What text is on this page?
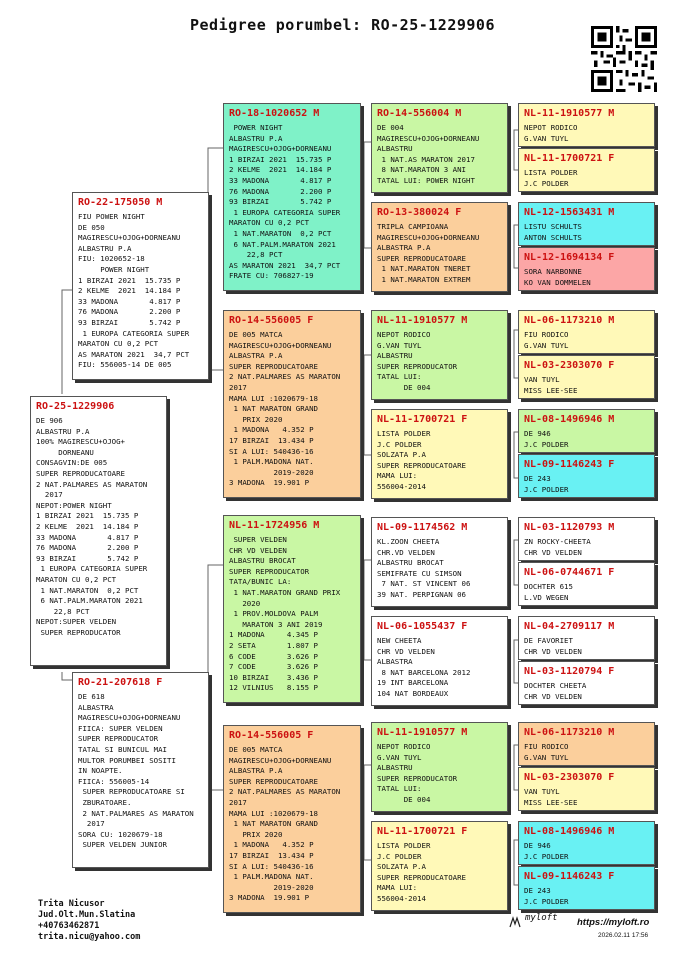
Pedigree porumbel: RO-25-1229906
RO-25-1229906
DE 906
ALBASTRU P.A
100% MAGIRESCU+OJOG+
DORNEANU
CONSAGVIN:DE 005
SUPER REPRODUCATOARE
2 NAT.PALMARES AS MARATON
2017
NEPOT:POWER NIGHT
1 BIRZAI 2021  15.735 P
2 KELME  2021  14.184 P
33 MADONA       4.817 P
76 MADONA       2.200 P
93 BIRZAI       5.742 P
1 EUROPA CATEGORIA SUPER
MARATON CU 0,2 PCT
1 NAT.MARATON  0,2 PCT
6 NAT.PALM.MARATON 2021
22,8 PCT
NEPOT:SUPER VELDEN
SUPER REPRODUCATOR
RO-22-175050 M
FIU POWER NIGHT
DE 050
MAGIRESCU+OJOG+DORNEANU
ALBASTRU P.A
FIU: 1020652-18
POWER NIGHT
1 BIRZAI 2021  15.735 P
2 KELME  2021  14.184 P
33 MADONA       4.817 P
76 MADONA       2.200 P
93 BIRZAI       5.742 P
1 EUROPA CATEGORIA SUPER
MARATON CU 0,2 PCT
AS MARATON 2021  34,7 PCT
FIU: 556005-14 DE 005
RO-21-207618 F
DE 618
ALBASTRA
MAGIRESCU+OJOG+DORNEANU
FIICA: SUPER VELDEN
SUPER REPRODUCATOR
TATAL SI BUNICUL MAI
MULTOR PORUMBEI SOSITI
IN NOAPTE.
FIICA: 556005-14
SUPER REPRODUCATOARE SI
ZBURATOARE.
2 NAT.PALMARES AS MARATON
2017
SORA CU: 1020679-18
SUPER VELDEN JUNIOR
RO-18-1020652 M
POWER NIGHT
ALBASTRU P.A
MAGIRESCU+OJOG+DORNEANU
1 BIRZAI 2021  15.735 P
2 KELME  2021  14.184 P
33 MADONA       4.817 P
76 MADONA       2.200 P
93 BIRZAI       5.742 P
1 EUROPA CATEGORIA SUPER
MARATON CU 0,2 PCT
1 NAT.MARATON  0,2 PCT
6 NAT.PALM.MARATON 2021
22,8 PCT
AS MARATON 2021  34,7 PCT
FRATE CU: 706827-19
RO-14-556005 F
DE 005 MATCA
MAGIRESCU+OJOG+DORNEANU
ALBASTRA P.A
SUPER REPRODUCATOARE
2 NAT.PALMARES AS MARATON
2017
MAMA LUI :1020679-18
1 NAT MARATON GRAND
PRIX 2020
1 MADONA   4.352 P
17 BIRZAI  13.434 P
SI A LUI: 540436-16
1 PALM.MADONA NAT.
2019-2020
3 MADONA  19.901 P
NL-11-1724956 M
SUPER VELDEN
CHR VD VELDEN
ALBASTRU BROCAT
SUPER REPRODUCATOR
TATA/BUNIC LA:
1 NAT.MARATON GRAND PRIX
2020
1 PROV.MOLDOVA PALM
MARATON 3 ANI 2019
1 MADONA     4.345 P
2 SETA       1.807 P
6 CODE       3.626 P
7 CODE       3.626 P
10 BIRZAI    3.436 P
12 VILNIUS   8.155 P
RO-14-556005 F
DE 005 MATCA
MAGIRESCU+OJOG+DORNEANU
ALBASTRA P.A
SUPER REPRODUCATOARE
2 NAT.PALMARES AS MARATON
2017
MAMA LUI :1020679-18
1 NAT MARATON GRAND
PRIX 2020
1 MADONA   4.352 P
17 BIRZAI  13.434 P
SI A LUI: 540436-16
1 PALM.MADONA NAT.
2019-2020
3 MADONA  19.901 P
RO-14-556004 M
DE 004
MAGIRESCU+OJOG+DORNEANU
ALBASTRU
1 NAT.AS MARATON 2017
8 NAT.MARATON 3 ANI
TATAL LUI: POWER NIGHT
RO-13-380024 F
TRIPLA CAMPIOANA
MAGIRESCU+OJOG+DORNEANU
ALBASTRA P.A
SUPER REPRODUCATOARE
1 NAT.MARATON TNERET
1 NAT.MARATON EXTREM
NL-11-1910577 M
NEPOT RODICO
G.VAN TUYL
ALBASTRU
SUPER REPRODUCATOR
TATAL LUI:
DE 004
NL-11-1700721 F
LISTA POLDER
J.C POLDER
SOLZATA P.A
SUPER REPRODUCATOARE
MAMA LUI:
556004-2014
NL-09-1174562 M
KL.ZOON CHEETA
CHR.VD VELDEN
ALBASTRU BROCAT
SEMIFRATE CU SIMSON
7 NAT. ST VINCENT 06
39 NAT. PERPIGNAN 06
NL-06-1055437 F
NEW CHEETA
CHR VD VELDEN
ALBASTRA
8 NAT BARCELONA 2012
19 INT BARCELONA
104 NAT BORDEAUX
NL-11-1910577 M
NEPOT RODICO
G.VAN TUYL
ALBASTRU
SUPER REPRODUCATOR
TATAL LUI:
DE 004
NL-11-1700721 F
LISTA POLDER
J.C POLDER
SOLZATA P.A
SUPER REPRODUCATOARE
MAMA LUI:
556004-2014
NL-11-1910577 M
NEPOT RODICO
G.VAN TUYL

NL-11-1700721 F
LISTA POLDER
J.C POLDER

NL-12-1563431 M
LISTU SCHULTS
ANTON SCHULTS

NL-12-1694134 F
SORA NARBONNE
KO VAN DOMMELEN

NL-06-1173210 M
FIU RODICO
G.VAN TUYL

NL-03-2303070 F
VAN TUYL
MISS LEE-SEE

NL-08-1496946 M
DE 946
J.C POLDER

NL-09-1146243 F
DE 243
J.C POLDER

NL-03-1120793 M
ZN ROCKY-CHEETA
CHR VD VELDEN

NL-06-0744671 F
DOCHTER 615
L.VD WEGEN

NL-04-2709117 M
DE FAVORIET
CHR VD VELDEN

NL-03-1120794 F
DOCHTER CHEETA
CHR VD VELDEN

NL-06-1173210 M
FIU RODICO
G.VAN TUYL

NL-03-2303070 F
VAN TUYL
MISS LEE-SEE

NL-08-1496946 M
DE 946
J.C POLDER

NL-09-1146243 F
DE 243
J.C POLDER

Trita Nicusor
Jud.Olt.Mun.Slatina
+40763462871
trita.nicu@yahoo.com
myloft https://myloft.ro
2026.02.11 17:56
